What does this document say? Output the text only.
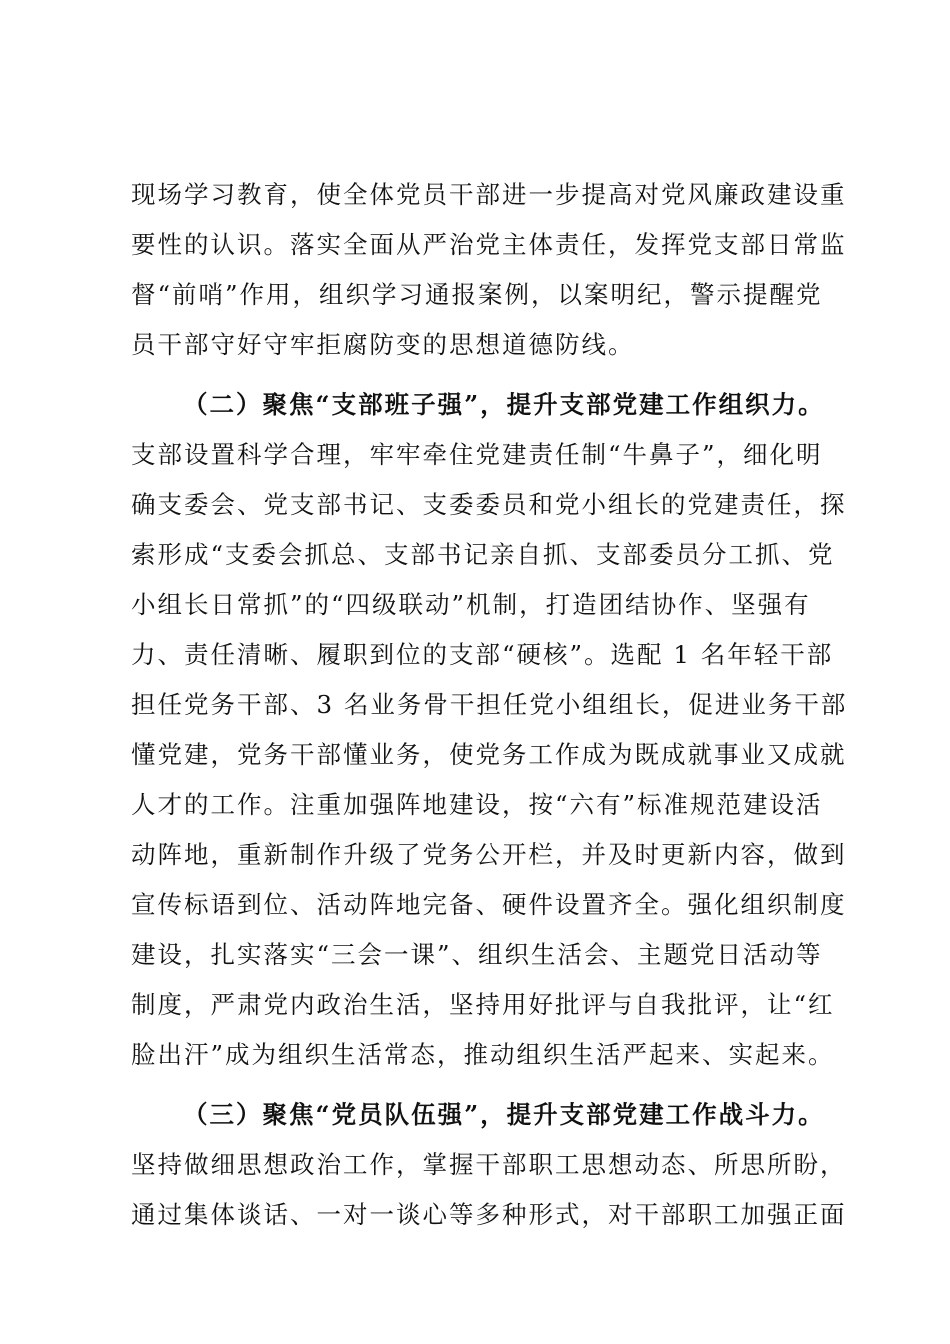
现场学习教育，使全体党员干部进一步提高对党风廉政建设重
要性的认识。落实全面从严治党主体责任，发挥党支部日常监
督“前哨”作用，组织学习通报案例，以案明纪，警示提醒党
员干部守好守牢拒腐防变的思想道德防线。
（二）聚焦“支部班子强”，提升支部党建工作组织力。
支部设置科学合理，牢牢牵住党建责任制“牛鼻子”，细化明
确支委会、党支部书记、支委委员和党小组长的党建责任，探
索形成“支委会抓总、支部书记亲自抓、支部委员分工抓、党
小组长日常抓”的“四级联动”机制，打造团结协作、坚强有
力、责任清晰、履职到位的支部“硬核”。选配 1 名年轻干部
担任党务干部、3 名业务骨干担任党小组组长，促进业务干部
懂党建，党务干部懂业务，使党务工作成为既成就事业又成就
人才的工作。注重加强阵地建设，按“六有”标准规范建设活
动阵地，重新制作升级了党务公开栏，并及时更新内容，做到
宣传标语到位、活动阵地完备、硬件设置齐全。强化组织制度
建设，扎实落实“三会一课”、组织生活会、主题党日活动等
制度，严肃党内政治生活，坚持用好批评与自我批评，让“红
脸出汗”成为组织生活常态，推动组织生活严起来、实起来。
（三）聚焦“党员队伍强”，提升支部党建工作战斗力。
坚持做细思想政治工作，掌握干部职工思想动态、所思所盼，
通过集体谈话、一对一谈心等多种形式，对干部职工加强正面
